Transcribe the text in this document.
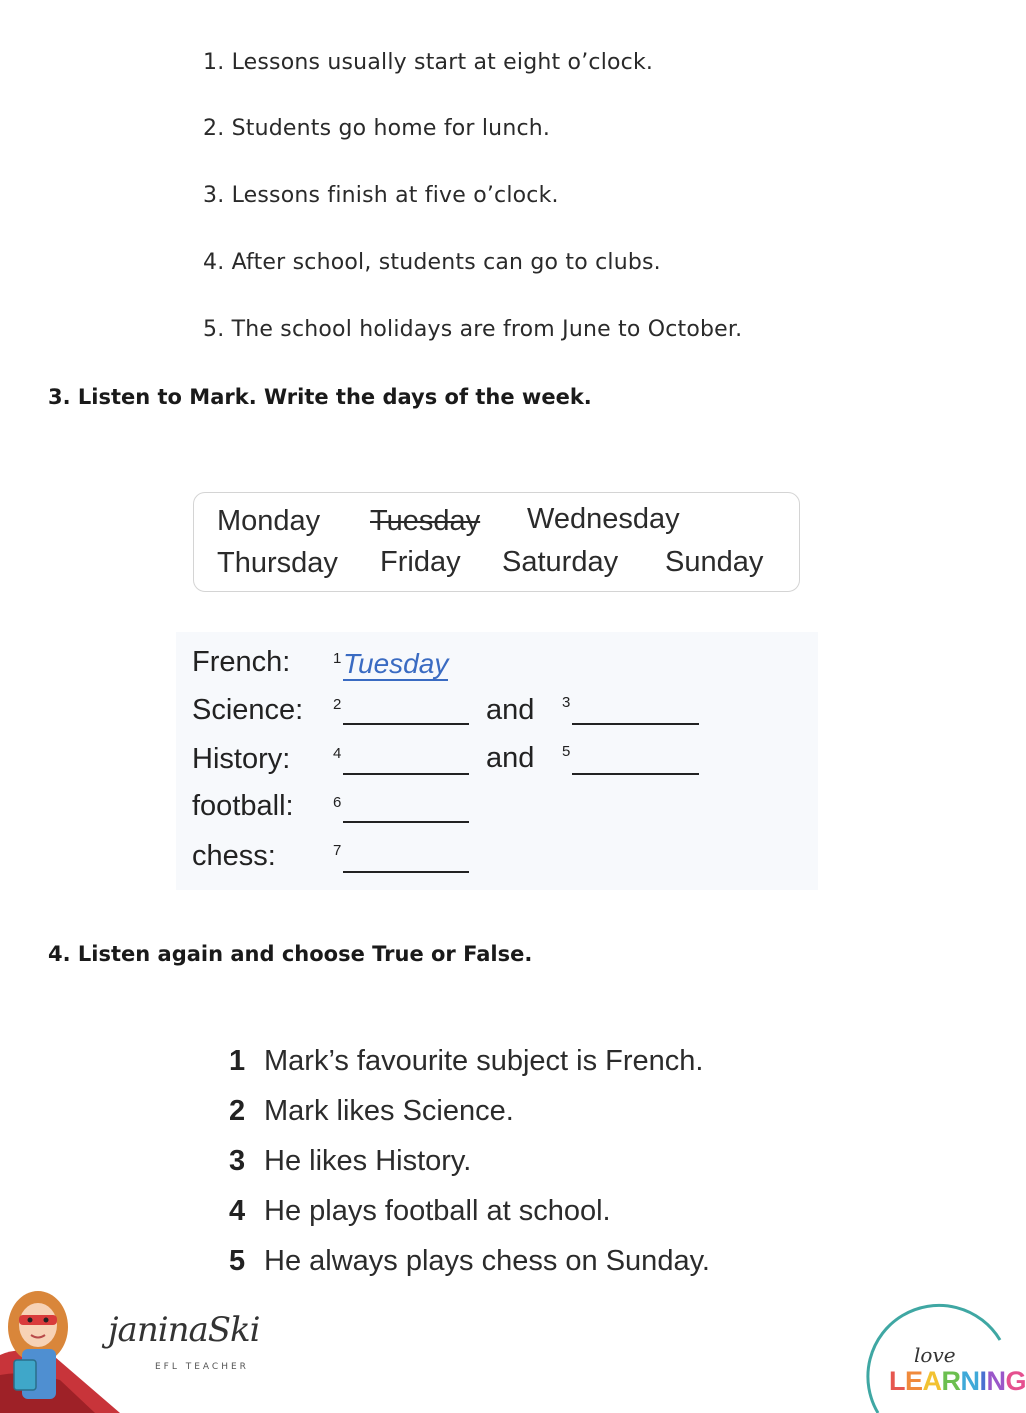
1. Lessons usually start at eight o’clock.
2. Students go home for lunch.
3. Lessons finish at five o’clock.
4. After school, students can go to clubs.
5. The school holidays are from June to October.
3. Listen to Mark. Write the days of the week.
Monday Tuesday Wednesday
Thursday Friday Saturday Sunday
French:	1 Tuesday
Science: 2	and 3
History:	4	and 5
football:	6
chess:	7
4. Listen again and choose True or False.
1 Mark’s favourite subject is French.
2 Mark likes Science.
3 He likes History.
4 He plays football at school.
5 He always plays chess on Sunday.
janinaSki
EFL TEACHER	love
LEARNING
